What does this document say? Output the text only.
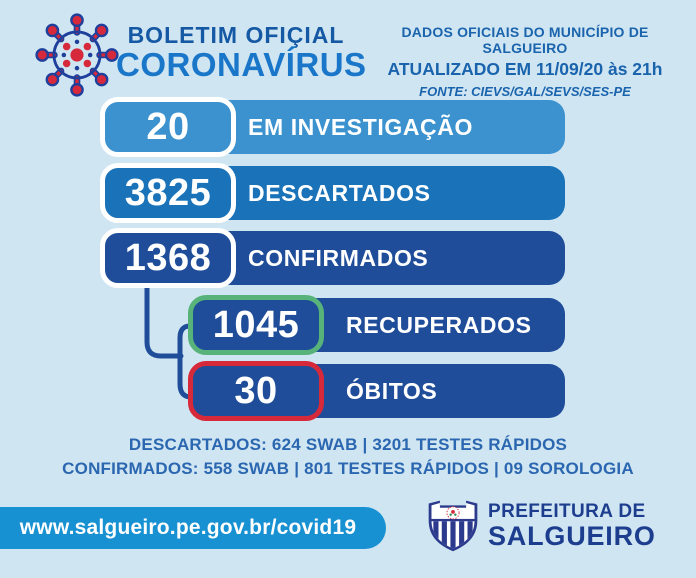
BOLETIM OFIÇIAL
CORONAVÍRUS
DADOS OFICIAIS DO MUNICÍPIO DE SALGUEIRO
ATUALIZADO EM 11/09/20 às 21h
FONTE: CIEVS/GAL/SEVS/SES-PE
EM INVESTIGAÇÃO
20
DESCARTADOS
3825
CONFIRMADOS
1368
RECUPERADOS
1045
ÓBITOS
30
DESCARTADOS: 624 SWAB | 3201 TESTES RÁPIDOS
CONFIRMADOS: 558 SWAB | 801 TESTES RÁPIDOS | 09 SOROLOGIA
www.salgueiro.pe.gov.br/covid19
PREFEITURA DE
SALGUEIRO
